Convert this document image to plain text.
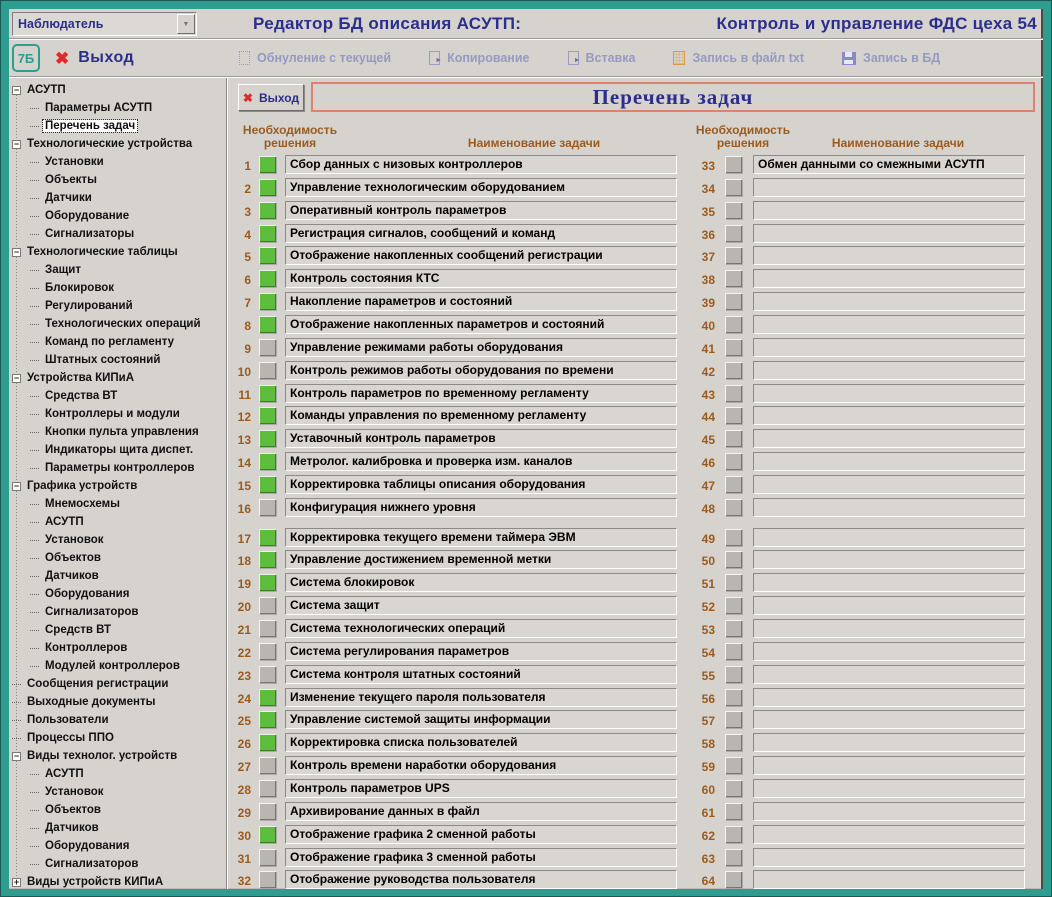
Наблюдатель	▼	Редактор БД описания АСУТП:	Контроль и управление ФДС цеха 54
7Б	✖ Выход	Обнуление с текущей ►	Копирование ►	Вставка	Запись в файл txt	Запись в БД
− АСУТП
Параметры АСУТП
Перечень задач
− Технологические устройства
Установки
Объекты
Датчики
Оборудование
Сигнализаторы
− Технологические таблицы
Защит
Блокировок
Регулирований
Технологических операций
Команд по регламенту
Штатных состояний
− Устройства КИПиА
Средства ВТ
Контроллеры и модули
Кнопки пульта управления
Индикаторы щита диспет.
Параметры контроллеров
− Графика устройств
Мнемосхемы
АСУТП
Установок
Объектов
Датчиков
Оборудования
Сигнализаторов
Средств ВТ
Контроллеров
Модулей контроллеров
Сообщения регистрации
Выходные документы
Пользователи
Процессы ППО
− Виды технолог. устройств
АСУТП
Установок
Объектов
Датчиков
Оборудования
Сигнализаторов
+ Виды устройств КИПиА
✖ Выход	Перечень задач
Необходимость
решения	Наименование задачи
Необходимость
решения	Наименование задачи
1	Сбор данных с низовых контроллеров
2	Управление технологическим оборудованием
3	Оперативный контроль параметров
4	Регистрация сигналов, сообщений и команд
5	Отображение накопленных сообщений регистрации
6	Контроль состояния КТС
7	Накопление параметров и состояний
8	Отображение накопленных параметров и состояний
9	Управление режимами работы оборудования
10	Контроль режимов работы оборудования по времени
11	Контроль параметров по временному регламенту
12	Команды управления по временному регламенту
13	Уставочный контроль параметров
14	Метролог. калибровка и проверка изм. каналов
15	Корректировка таблицы описания оборудования
16	Конфигурация нижнего уровня
17	Корректировка текущего времени таймера ЭВМ
18	Управление достижением временной метки
19	Система блокировок
20	Система защит
21	Система технологических операций
22	Система регулирования параметров
23	Система контроля штатных состояний
24	Изменение текущего пароля пользователя
25	Управление системой защиты информации
26	Корректировка списка пользователей
27	Контроль времени наработки оборудования
28	Контроль параметров UPS
29	Архивирование данных в файл
30	Отображение графика 2 сменной работы
31	Отображение графика 3 сменной работы
32	Отображение руководства пользователя
33	Обмен данными со смежными АСУТП
34
35
36
37
38
39
40
41
42
43
44
45
46
47
48
49
50
51
52
53
54
55
56
57
58
59
60
61
62
63
64
